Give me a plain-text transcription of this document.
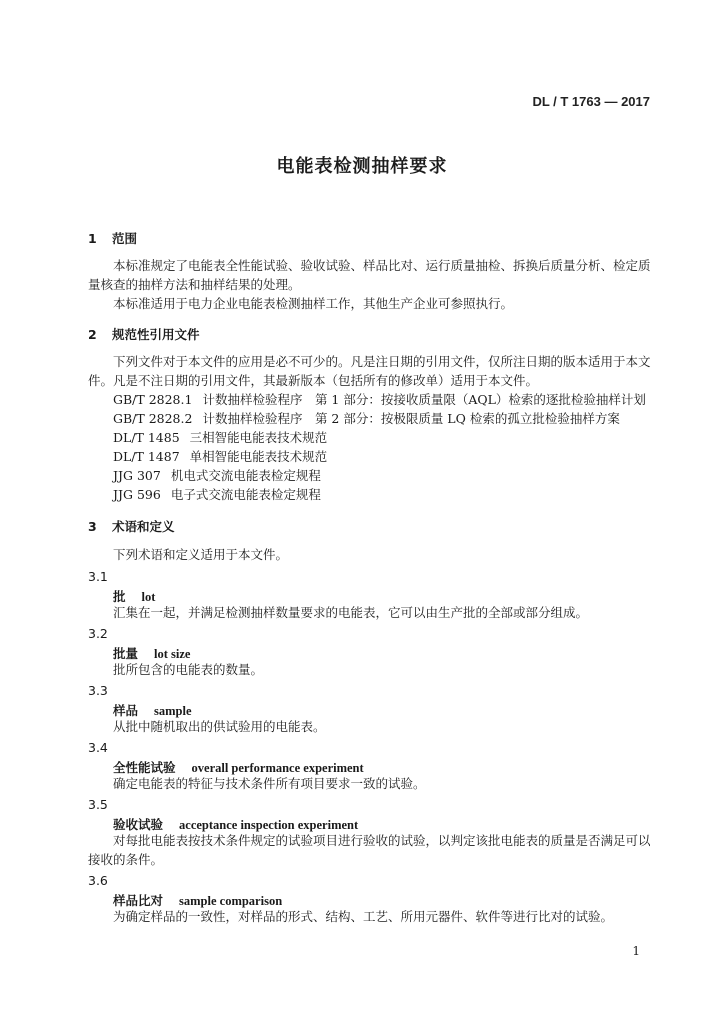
DL / T 1763 — 2017
电能表检测抽样要求
1 范围
本标准规定了电能表全性能试验、验收试验、样品比对、运行质量抽检、拆换后质量分析、检定质量核查的抽样方法和抽样结果的处理。
本标准适用于电力企业电能表检测抽样工作，其他生产企业可参照执行。
2 规范性引用文件
下列文件对于本文件的应用是必不可少的。凡是注日期的引用文件，仅所注日期的版本适用于本文件。凡是不注日期的引用文件，其最新版本（包括所有的修改单）适用于本文件。
GB/T 2828.1 计数抽样检验程序　第 1 部分：按接收质量限（AQL）检索的逐批检验抽样计划
GB/T 2828.2 计数抽样检验程序　第 2 部分：按极限质量 LQ 检索的孤立批检验抽样方案
DL/T 1485 三相智能电能表技术规范
DL/T 1487 单相智能电能表技术规范
JJG 307 机电式交流电能表检定规程
JJG 596 电子式交流电能表检定规程
3 术语和定义
下列术语和定义适用于本文件。
3.1
批 lot
汇集在一起，并满足检测抽样数量要求的电能表，它可以由生产批的全部或部分组成。
3.2
批量 lot size
批所包含的电能表的数量。
3.3
样品 sample
从批中随机取出的供试验用的电能表。
3.4
全性能试验 overall performance experiment
确定电能表的特征与技术条件所有项目要求一致的试验。
3.5
验收试验 acceptance inspection experiment
对每批电能表按技术条件规定的试验项目进行验收的试验，以判定该批电能表的质量是否满足可以接收的条件。
3.6
样品比对 sample comparison
为确定样品的一致性，对样品的形式、结构、工艺、所用元器件、软件等进行比对的试验。
1
